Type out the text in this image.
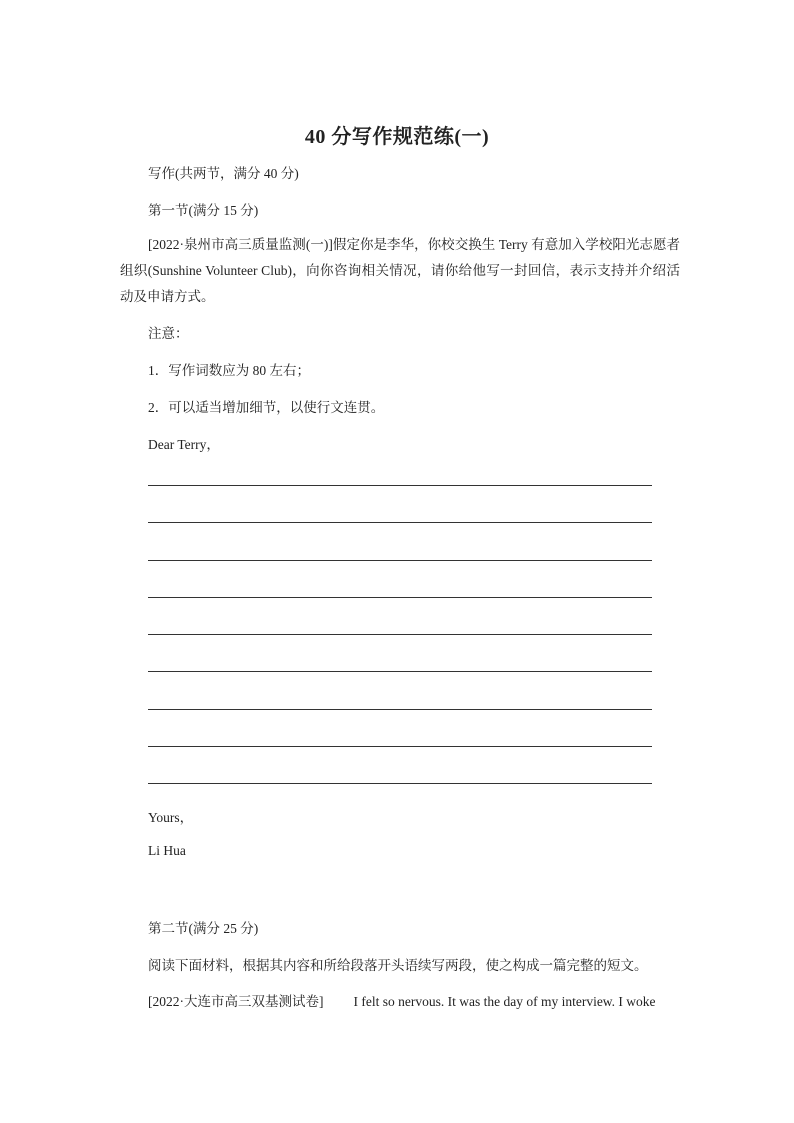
40 分写作规范练(一)
写作(共两节，满分 40 分)
第一节(满分 15 分)
[2022·泉州市高三质量监测(一)]假定你是李华，你校交换生 Terry 有意加入学校阳光志愿者组织(Sunshine Volunteer Club)，向你咨询相关情况，请你给他写一封回信，表示支持并介绍活动及申请方式。
注意：
1．写作词数应为 80 左右；
2．可以适当增加细节，以使行文连贯。
Dear Terry，
Yours，
Li Hua
第二节(满分 25 分)
阅读下面材料，根据其内容和所给段落开头语续写两段，使之构成一篇完整的短文。
[2022·大连市高三双基测试卷] I felt so nervous. It was the day of my interview. I woke
